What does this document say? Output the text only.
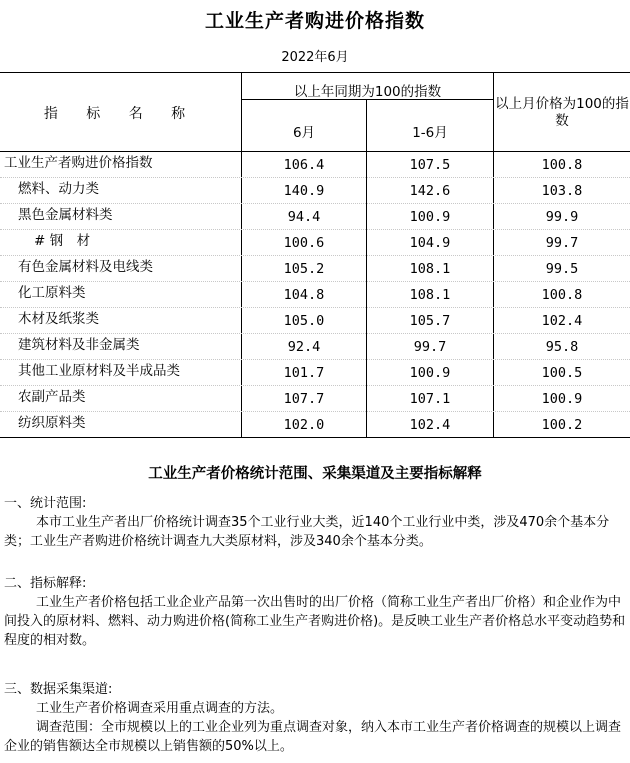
工业生产者购进价格指数
2022年6月
指 标 名 称
以上年同期为100的指数
6月	1-6月
以上月价格为100的指数
工业生产者购进价格指数	106.4	107.5	100.8
燃料、动力类	140.9	142.6	103.8
黑色金属材料类	94.4	100.9	99.9
# 钢　材	100.6	104.9	99.7
有色金属材料及电线类	105.2	108.1	99.5
化工原料类	104.8	108.1	100.8
木材及纸浆类	105.0	105.7	102.4
建筑材料及非金属类	92.4	99.7	95.8
其他工业原材料及半成品类	101.7	100.9	100.5
农副产品类	107.7	107.1	100.9
纺织原料类	102.0	102.4	100.2
工业生产者价格统计范围、采集渠道及主要指标解释
一、统计范围:
本市工业生产者出厂价格统计调查35个工业行业大类，近140个工业行业中类，涉及470余个基本分类；工业生产者购进价格统计调查九大类原材料，涉及340余个基本分类。
二、指标解释:
工业生产者价格包括工业企业产品第一次出售时的出厂价格（简称工业生产者出厂价格）和企业作为中间投入的原材料、燃料、动力购进价格(简称工业生产者购进价格)。是反映工业生产者价格总水平变动趋势和程度的相对数。
三、数据采集渠道:
工业生产者价格调查采用重点调查的方法。
调查范围：全市规模以上的工业企业列为重点调查对象，纳入本市工业生产者价格调查的规模以上调查企业的销售额达全市规模以上销售额的50%以上。
